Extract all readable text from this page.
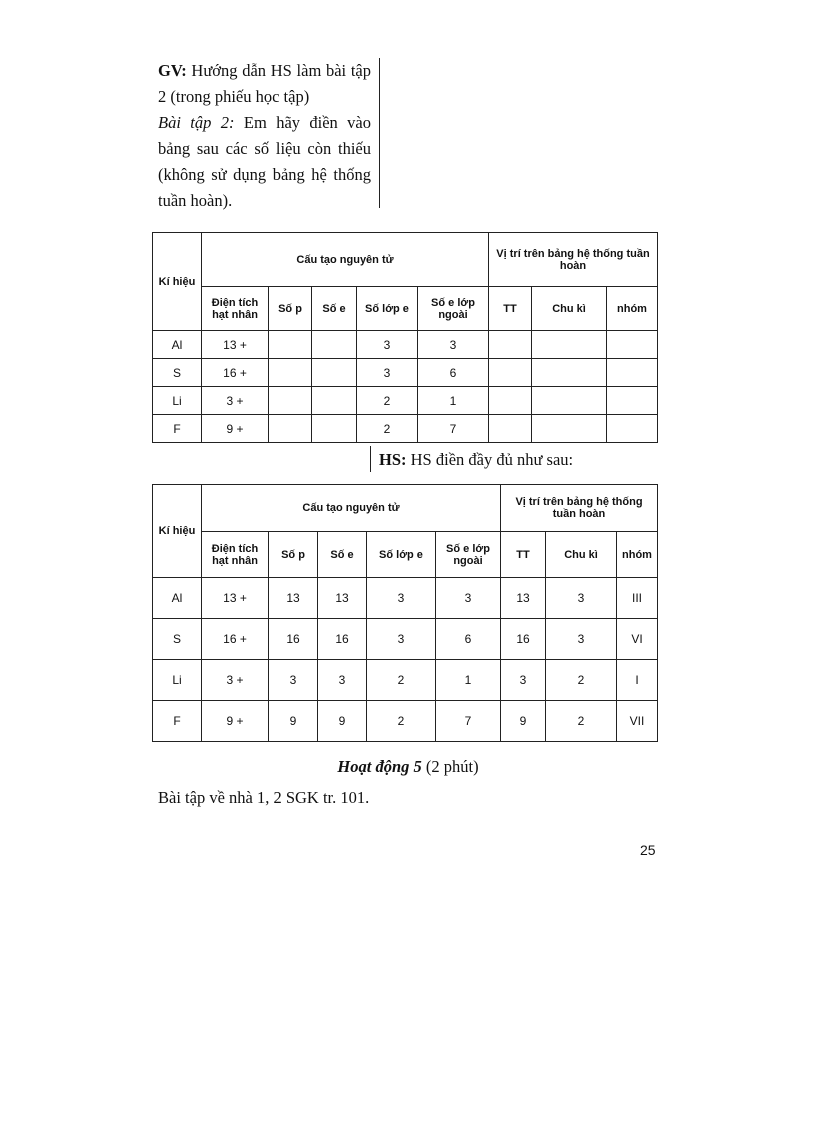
GV: Hướng dẫn HS làm bài tập 2 (trong phiếu học tập)

Bài tập 2: Em hãy điền vào bảng sau các số liệu còn thiếu (không sử dụng bảng hệ thống tuần hoàn).

Kí hiệu	Cấu tạo nguyên tử					Vị trí trên bảng hệ thống tuần hoàn		
	Điện tích hạt nhân	Số p	Số e	Số lớp e	Số e lớp ngoài	TT	Chu kì	nhóm
Al	13 +			3	3			
S	16 +			3	6			
Li	3 +			2	1			
F	9 +			2	7			
HS: HS điền đầy đủ như sau:
Kí hiệu	Cấu tạo nguyên tử					Vị trí trên bảng hệ thống tuần hoàn		
	Điện tích hạt nhân	Số p	Số e	Số lớp e	Số e lớp ngoài	TT	Chu kì	nhóm
Al	13 +	13	13	3	3	13	3	III
S	16 +	16	16	3	6	16	3	VI
Li	3 +	3	3	2	1	3	2	I
F	9 +	9	9	2	7	9	2	VII
Hoạt động 5 (2 phút)
Bài tập về nhà 1, 2 SGK tr. 101.
25
